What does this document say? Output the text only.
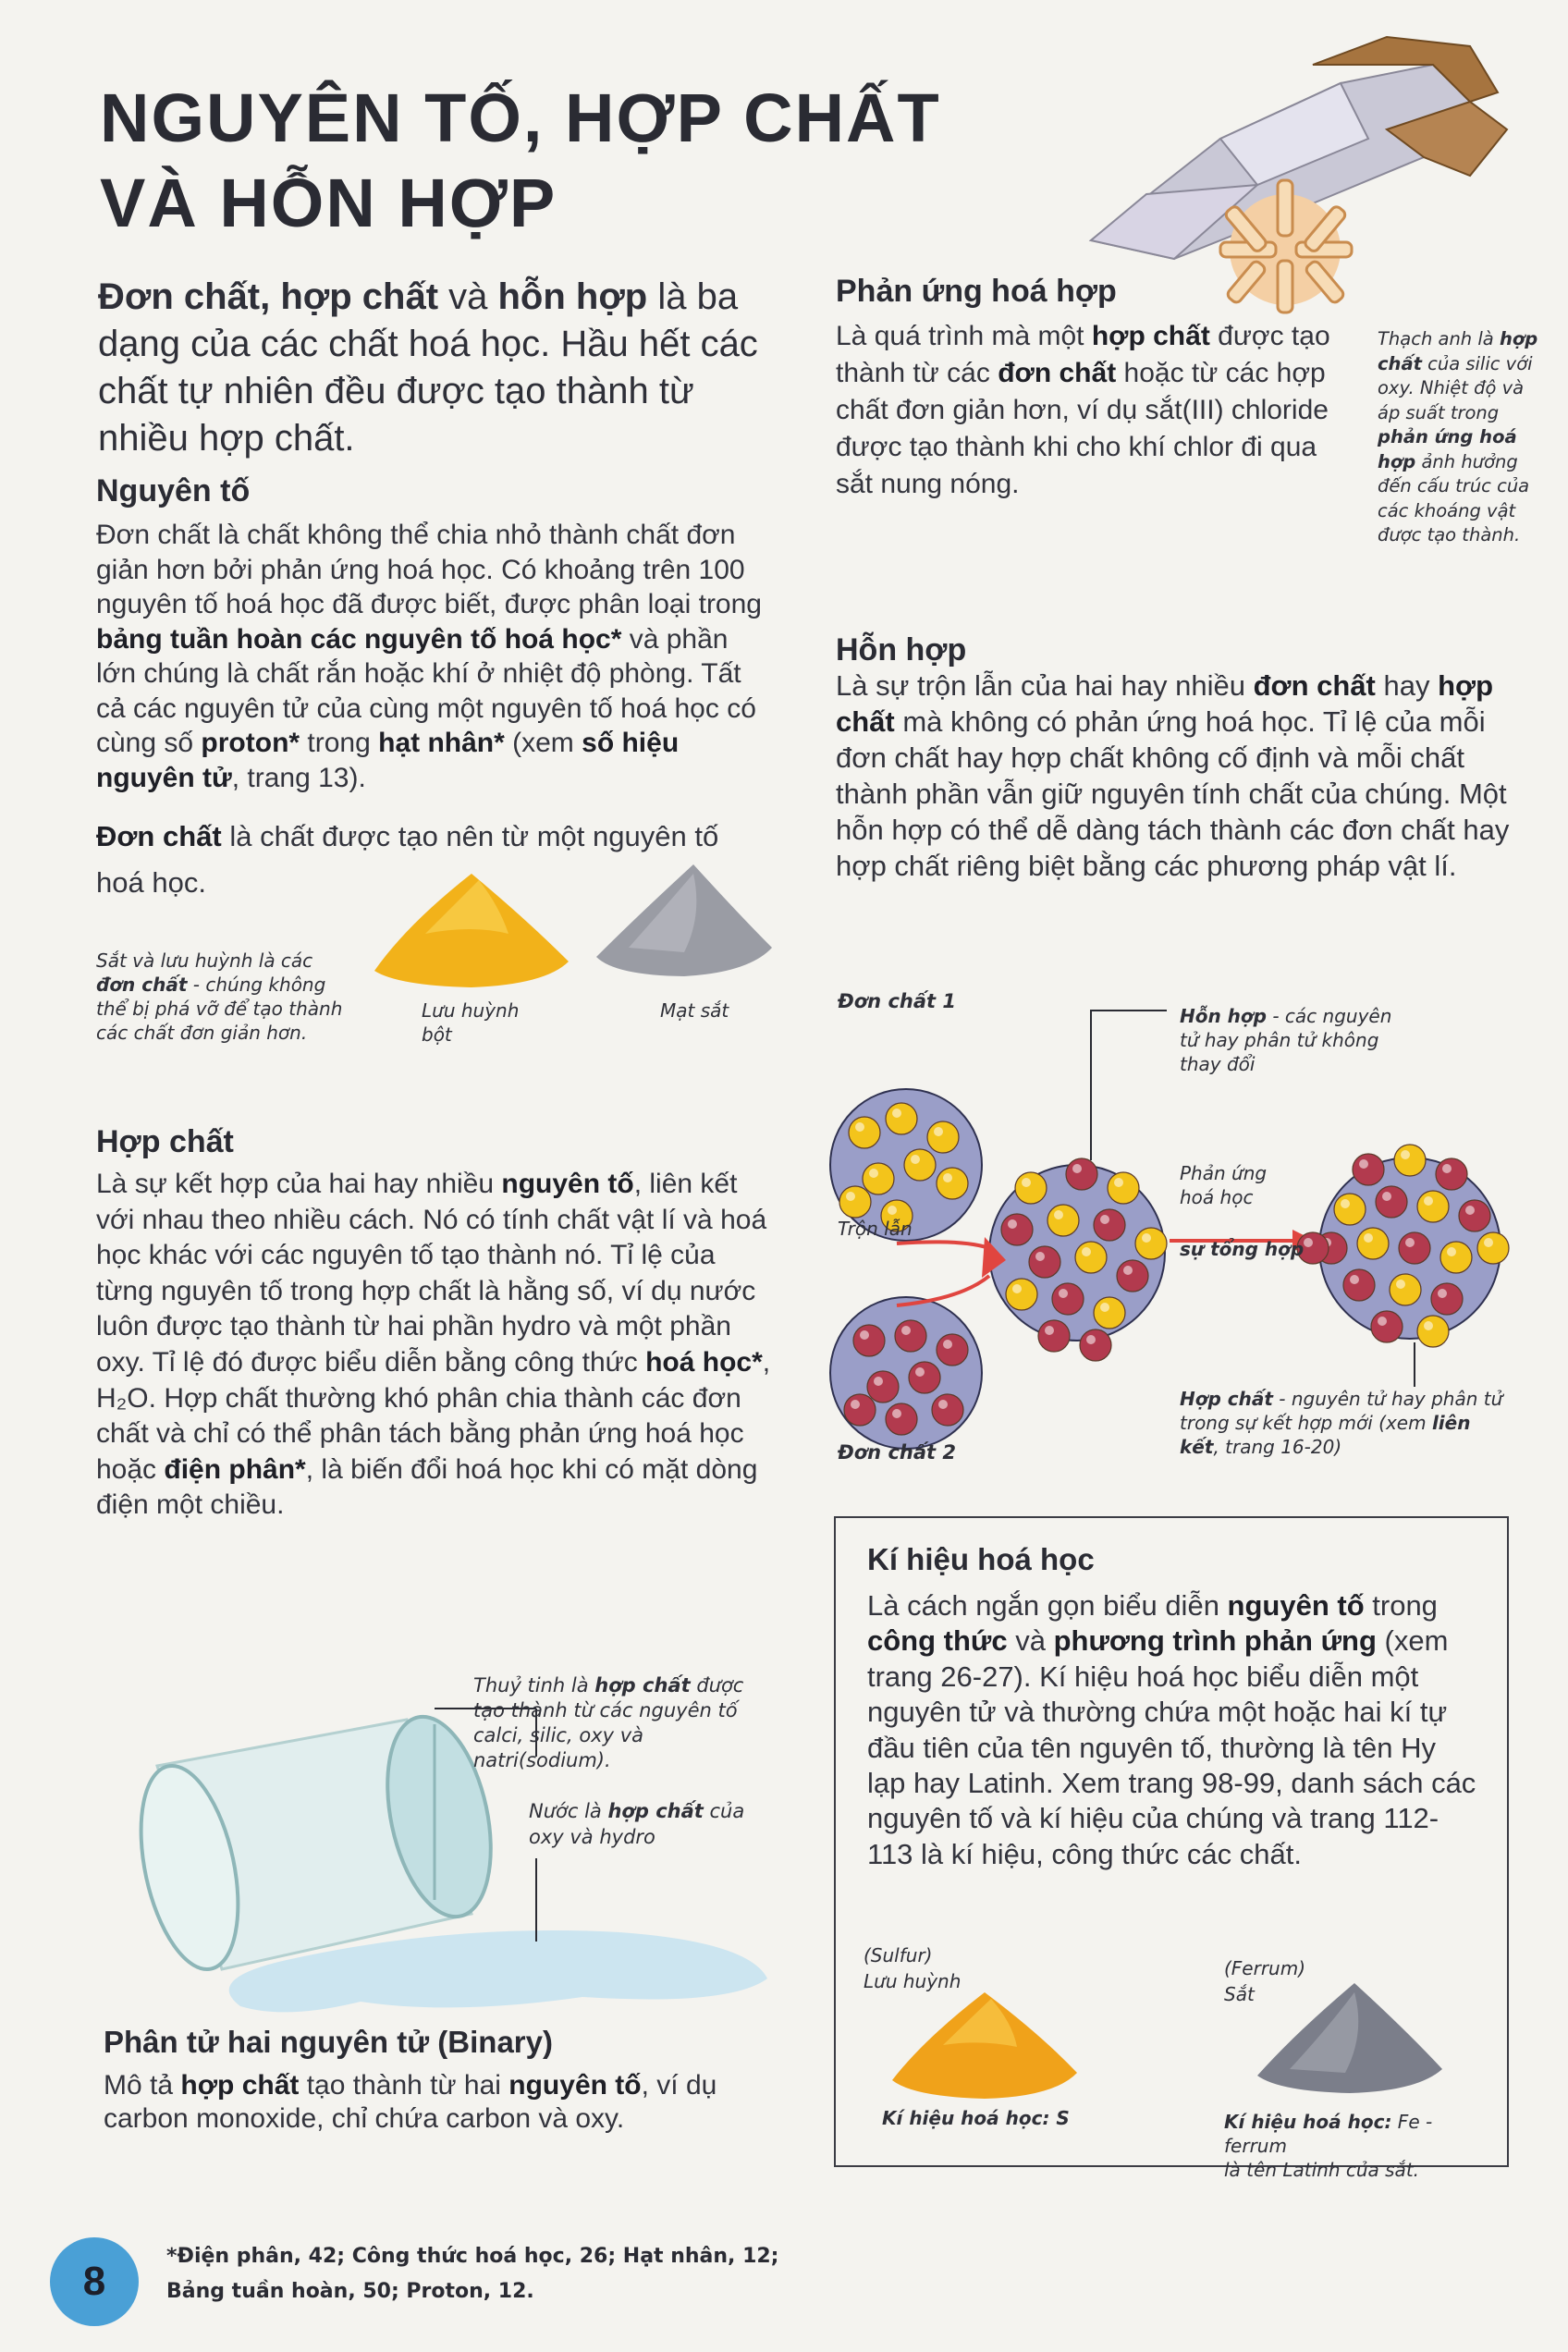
NGUYÊN TỐ, HỢP CHẤT
VÀ HỖN HỢP
Đơn chất, hợp chất và hỗn hợp là ba dạng của các chất hoá học. Hầu hết các chất tự nhiên đều được tạo thành từ nhiều hợp chất.
Nguyên tố
Đơn chất là chất không thể chia nhỏ thành chất đơn giản hơn bởi phản ứng hoá học. Có khoảng trên 100 nguyên tố hoá học đã được biết, được phân loại trong bảng tuần hoàn các nguyên tố hoá học* và phần lớn chúng là chất rắn hoặc khí ở nhiệt độ phòng. Tất cả các nguyên tử của cùng một nguyên tố hoá học có cùng số proton* trong hạt nhân* (xem số hiệu nguyên tử, trang 13).
Đơn chất là chất được tạo nên từ một nguyên tố hoá học.
Sắt và lưu huỳnh là các đơn chất - chúng không thể bị phá vỡ để tạo thành các chất đơn giản hơn.
Lưu huỳnh bột
Mạt sắt
Hợp chất
Là sự kết hợp của hai hay nhiều nguyên tố, liên kết với nhau theo nhiều cách. Nó có tính chất vật lí và hoá học khác với các nguyên tố tạo thành nó. Tỉ lệ của từng nguyên tố trong hợp chất là hằng số, ví dụ nước luôn được tạo thành từ hai phần hydro và một phần oxy. Tỉ lệ đó được biểu diễn bằng công thức hoá học*, H₂O. Hợp chất thường khó phân chia thành các đơn chất và chỉ có thể phân tách bằng phản ứng hoá học hoặc điện phân*, là biến đổi hoá học khi có mặt dòng điện một chiều.
Thuỷ tinh là hợp chất được tạo thành từ các nguyên tố calci, silic, oxy và natri(sodium).
Nước là hợp chất của oxy và hydro
Phân tử hai nguyên tử (Binary)
Mô tả hợp chất tạo thành từ hai nguyên tố, ví dụ carbon monoxide, chỉ chứa carbon và oxy.
Phản ứng hoá hợp
Là quá trình mà một hợp chất được tạo thành từ các đơn chất hoặc từ các hợp chất đơn giản hơn, ví dụ sắt(III) chloride được tạo thành khi cho khí chlor đi qua sắt nung nóng.
Thạch anh là hợp chất của silic với oxy. Nhiệt độ và áp suất trong phản ứng hoá hợp ảnh hưởng đến cấu trúc của các khoáng vật được tạo thành.
Hỗn hợp
Là sự trộn lẫn của hai hay nhiều đơn chất hay hợp chất mà không có phản ứng hoá học. Tỉ lệ của mỗi đơn chất hay hợp chất không cố định và mỗi chất thành phần vẫn giữ nguyên tính chất của chúng. Một hỗn hợp có thể dễ dàng tách thành các đơn chất hay hợp chất riêng biệt bằng các phương pháp vật lí.
Đơn chất 1
Đơn chất 2
Trộn lẫn
Hỗn hợp - các nguyên tử hay phân tử không thay đổi
Phản ứng hoá học
sự tổng hợp
Hợp chất - nguyên tử hay phân tử trong sự kết hợp mới (xem liên kết, trang 16-20)
Kí hiệu hoá học
Là cách ngắn gọn biểu diễn nguyên tố trong công thức và phương trình phản ứng (xem trang 26-27). Kí hiệu hoá học biểu diễn một nguyên tử và thường chứa một hoặc hai kí tự đầu tiên của tên nguyên tố, thường là tên Hy lạp hay Latinh. Xem trang 98-99, danh sách các nguyên tố và kí hiệu của chúng và trang 112-113 là kí hiệu, công thức các chất.
(Sulfur)
Lưu huỳnh
Kí hiệu hoá học: S
(Ferrum)
Sắt
Kí hiệu hoá học: Fe -ferrum
là tên Latinh của sắt.
8
*Điện phân, 42; Công thức hoá học, 26; Hạt nhân, 12;
Bảng tuần hoàn, 50; Proton, 12.
